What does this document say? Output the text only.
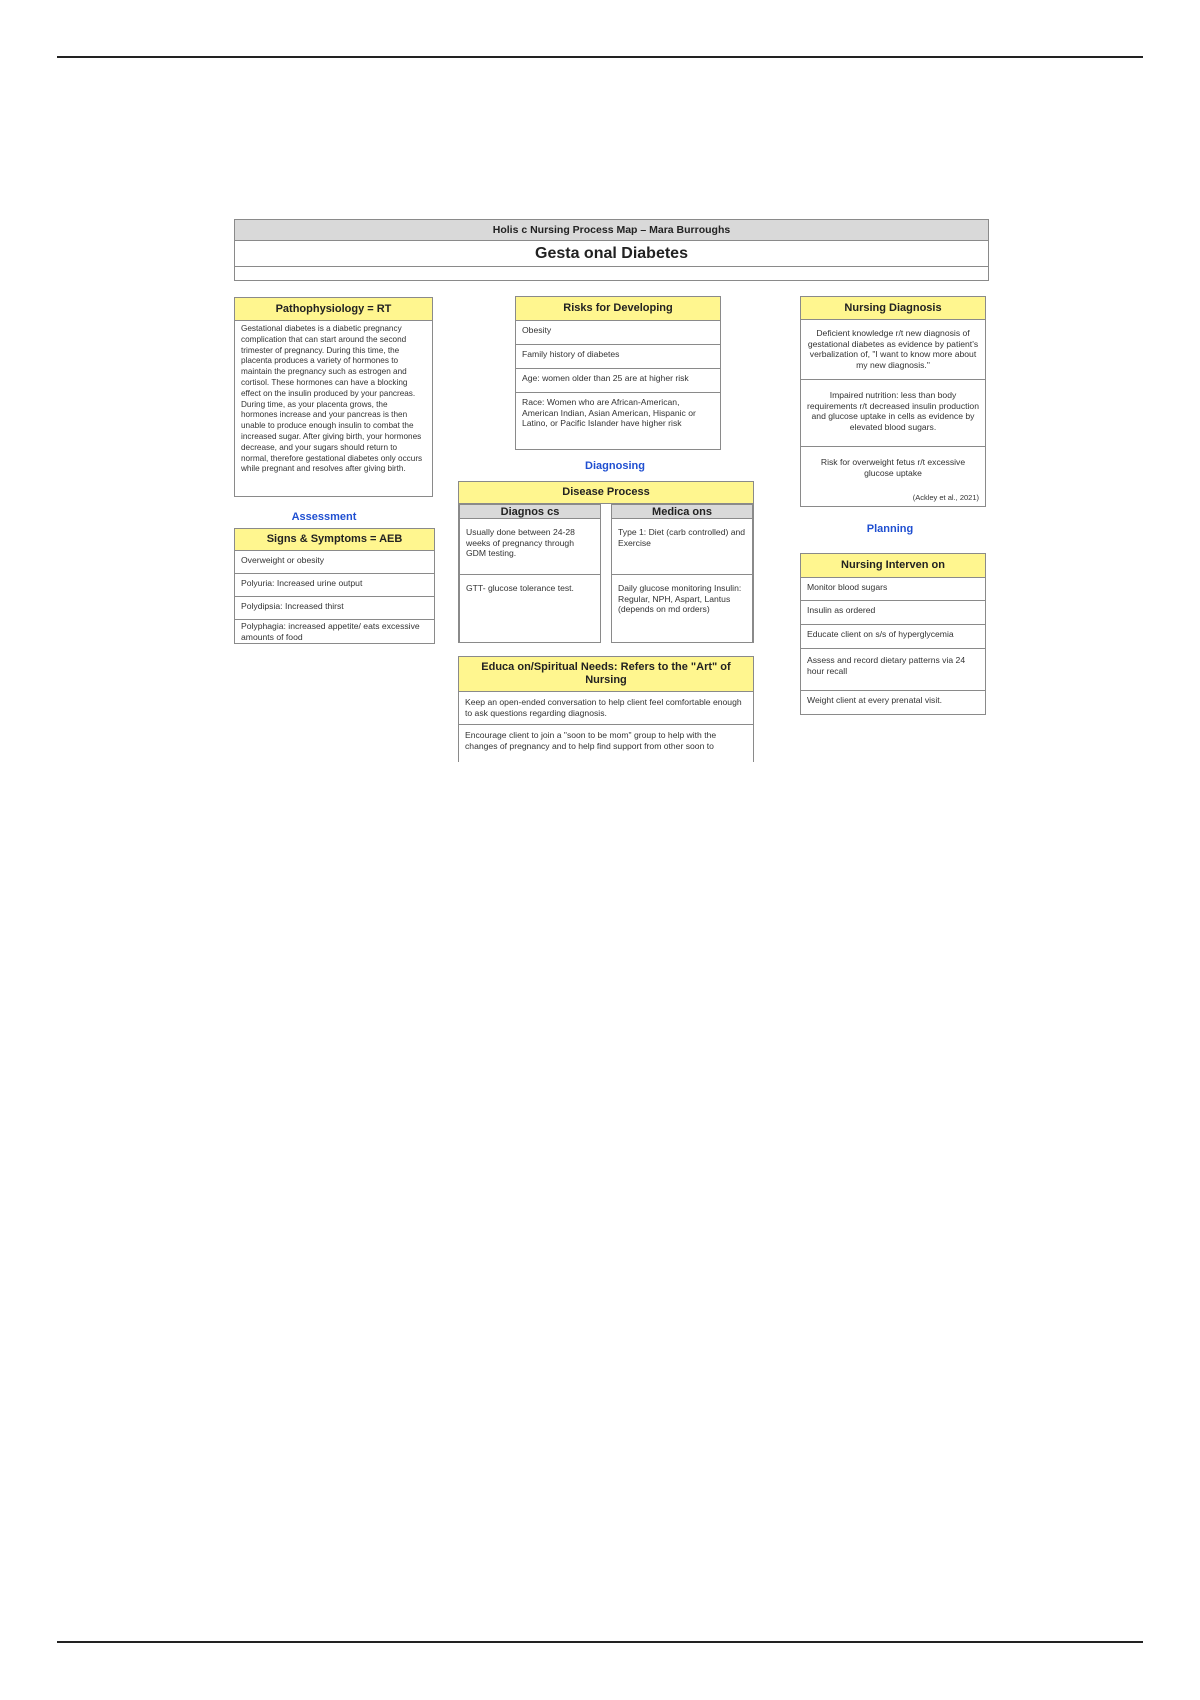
Holis c Nursing Process Map – Mara Burroughs
Gesta onal Diabetes
Pathophysiology = RT
Gestational diabetes is a diabetic pregnancy complication that can start around the second trimester of pregnancy. During this time, the placenta produces a variety of hormones to maintain the pregnancy such as estrogen and cortisol. These hormones can have a blocking effect on the insulin produced by your pancreas. During time, as your placenta grows, the hormones increase and your pancreas is then unable to produce enough insulin to combat the increased sugar. After giving birth, your hormones decrease, and your sugars should return to normal, therefore gestational diabetes only occurs while pregnant and resolves after giving birth.
Risks for Developing
Obesity
Family history of diabetes
Age: women older than 25 are at higher risk
Race: Women who are African-American, American Indian, Asian American, Hispanic or Latino, or Pacific Islander have higher risk
Nursing Diagnosis
Deficient knowledge r/t new diagnosis of gestational diabetes as evidence by patient's verbalization of, "I want to know more about my new diagnosis."
Impaired nutrition: less than body requirements r/t decreased insulin production and glucose uptake in cells as evidence by elevated blood sugars.
Risk for overweight fetus r/t excessive glucose uptake
(Ackley et al., 2021)
Assessment
Diagnosing
Planning
Signs & Symptoms = AEB
Overweight or obesity
Polyuria: Increased urine output
Polydipsia: Increased thirst
Polyphagia: increased appetite/ eats excessive amounts of food
Disease Process
Diagnos cs
Usually done between 24-28 weeks of pregnancy through GDM testing.
GTT- glucose tolerance test.
Medica ons
Type 1: Diet (carb controlled) and Exercise
Daily glucose monitoring Insulin: Regular, NPH, Aspart, Lantus (depends on md orders)
Nursing Interven on
Monitor blood sugars
Insulin as ordered
Educate client on s/s of hyperglycemia
Assess and record dietary patterns via 24 hour recall
Weight client at every prenatal visit.
Educa on/Spiritual Needs: Refers to the "Art" of Nursing
Keep an open-ended conversation to help client feel comfortable enough to ask questions regarding diagnosis.
Encourage client to join a "soon to be mom" group to help with the changes of pregnancy and to help find support from other soon to
